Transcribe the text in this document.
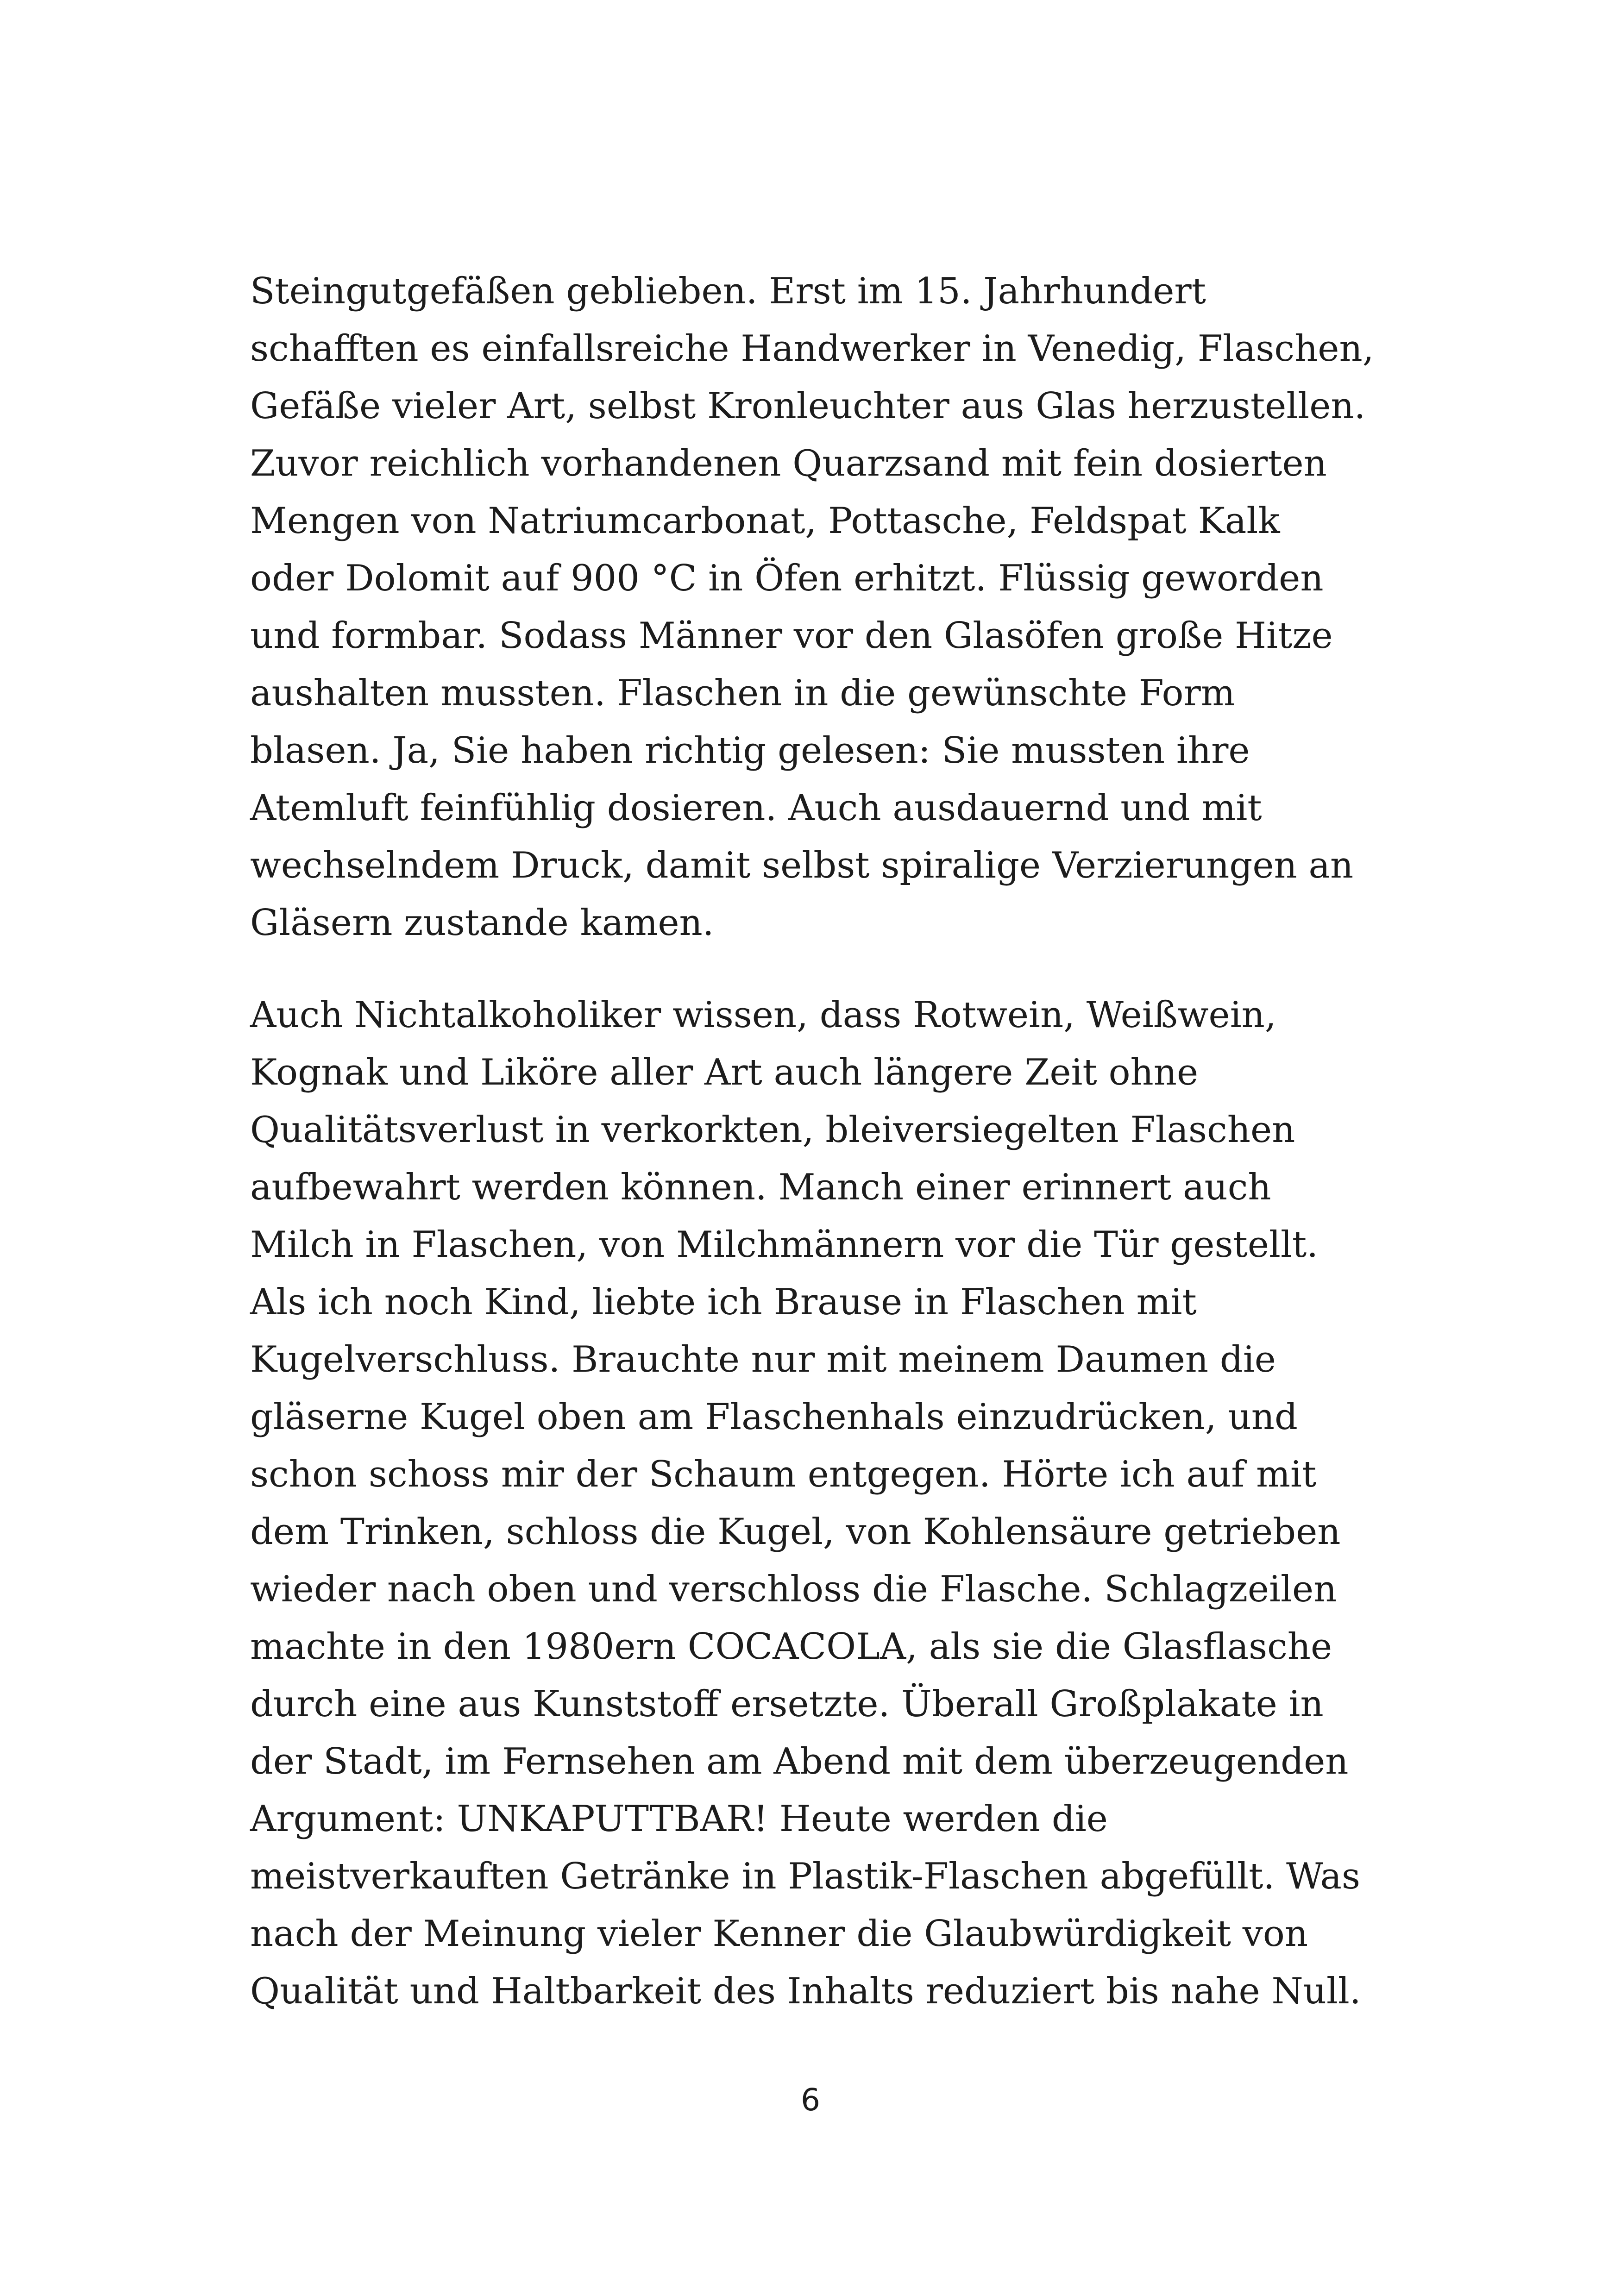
Steingutgefäßen geblieben. Erst im 15. Jahrhundert
schafften es einfallsreiche Handwerker in Venedig, Flaschen,
Gefäße vieler Art, selbst Kronleuchter aus Glas herzustellen.
Zuvor reichlich vorhandenen Quarzsand mit fein dosierten
Mengen von Natriumcarbonat, Pottasche, Feldspat Kalk
oder Dolomit auf 900 °C in Öfen erhitzt. Flüssig geworden
und formbar. Sodass Männer vor den Glasöfen große Hitze
aushalten mussten. Flaschen in die gewünschte Form
blasen. Ja, Sie haben richtig gelesen: Sie mussten ihre
Atemluft feinfühlig dosieren. Auch ausdauernd und mit
wechselndem Druck, damit selbst spiralige Verzierungen an
Gläsern zustande kamen.
Auch Nichtalkoholiker wissen, dass Rotwein, Weißwein,
Kognak und Liköre aller Art auch längere Zeit ohne
Qualitätsverlust in verkorkten, bleiversiegelten Flaschen
aufbewahrt werden können. Manch einer erinnert auch
Milch in Flaschen, von Milchmännern vor die Tür gestellt.
Als ich noch Kind, liebte ich Brause in Flaschen mit
Kugelverschluss. Brauchte nur mit meinem Daumen die
gläserne Kugel oben am Flaschenhals einzudrücken, und
schon schoss mir der Schaum entgegen. Hörte ich auf mit
dem Trinken, schloss die Kugel, von Kohlensäure getrieben
wieder nach oben und verschloss die Flasche. Schlagzeilen
machte in den 1980ern COCACOLA, als sie die Glasflasche
durch eine aus Kunststoff ersetzte. Überall Großplakate in
der Stadt, im Fernsehen am Abend mit dem überzeugenden
Argument: UNKAPUTTBAR! Heute werden die
meistverkauften Getränke in Plastik-Flaschen abgefüllt. Was
nach der Meinung vieler Kenner die Glaubwürdigkeit von
Qualität und Haltbarkeit des Inhalts reduziert bis nahe Null.
6
